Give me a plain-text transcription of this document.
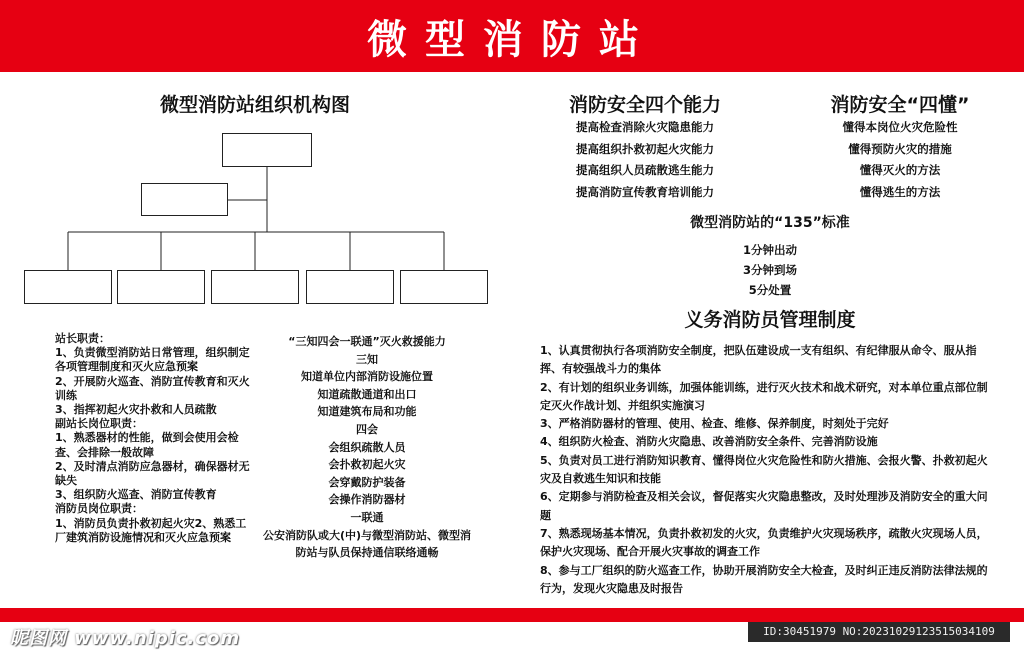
微型消防站
微型消防站组织机构图	消防安全四个能力
提高检查消除火灾隐患能力
提高组织扑救初起火灾能力
提高组织人员疏散逃生能力
提高消防宣传教育培训能力
消防安全“四懂”
懂得本岗位火灾危险性
懂得预防火灾的措施
懂得灭火的方法
懂得逃生的方法
微型消防站的“135”标准
1分钟出动
3分钟到场
5分处置
义务消防员管理制度
1、认真贯彻执行各项消防安全制度，把队伍建设成一支有组织、有纪律服从命令、服从指挥、有较强战斗力的集体
2、有计划的组织业务训练，加强体能训练，进行灭火技术和战术研究，对本单位重点部位制定灭火作战计划、并组织实施演习
3、严格消防器材的管理、使用、检查、维修、保养制度，时刻处于完好
4、组织防火检查、消防火灾隐患、改善消防安全条件、完善消防设施
5、负责对员工进行消防知识教育、懂得岗位火灾危险性和防火措施、会报火警、扑救初起火灾及自救逃生知识和技能
6、定期参与消防检查及相关会议，督促落实火灾隐患整改，及时处理涉及消防安全的重大问题
7、熟悉现场基本情况，负责扑救初发的火灾，负责维护火灾现场秩序，疏散火灾现场人员，保护火灾现场、配合开展火灾事故的调查工作
8、参与工厂组织的防火巡查工作，协助开展消防安全大检查，及时纠正违反消防法律法规的行为，发现火灾隐患及时报告
站长职责：
1、负责微型消防站日常管理，组织制定各项管理制度和灭火应急预案
2、开展防火巡查、消防宣传教育和灭火训练
3、指挥初起火灾扑救和人员疏散
副站长岗位职责：
1、熟悉器材的性能，做到会使用会检查、会排除一般故障
2、及时清点消防应急器材，确保器材无缺失
3、组织防火巡查、消防宣传教育
消防员岗位职责：
1、消防员负责扑救初起火灾2、熟悉工厂建筑消防设施情况和灭火应急预案
“三知四会一联通”灭火救援能力
三知
知道单位内部消防设施位置
知道疏散通道和出口
知道建筑布局和功能
四会
会组织疏散人员
会扑救初起火灾
会穿戴防护装备
会操作消防器材
一联通
公安消防队或大(中)与微型消防站、微型消防站与队员保持通信联络通畅
昵图网 www.nipic.com	ID:30451979 NO:20231029123515034109
